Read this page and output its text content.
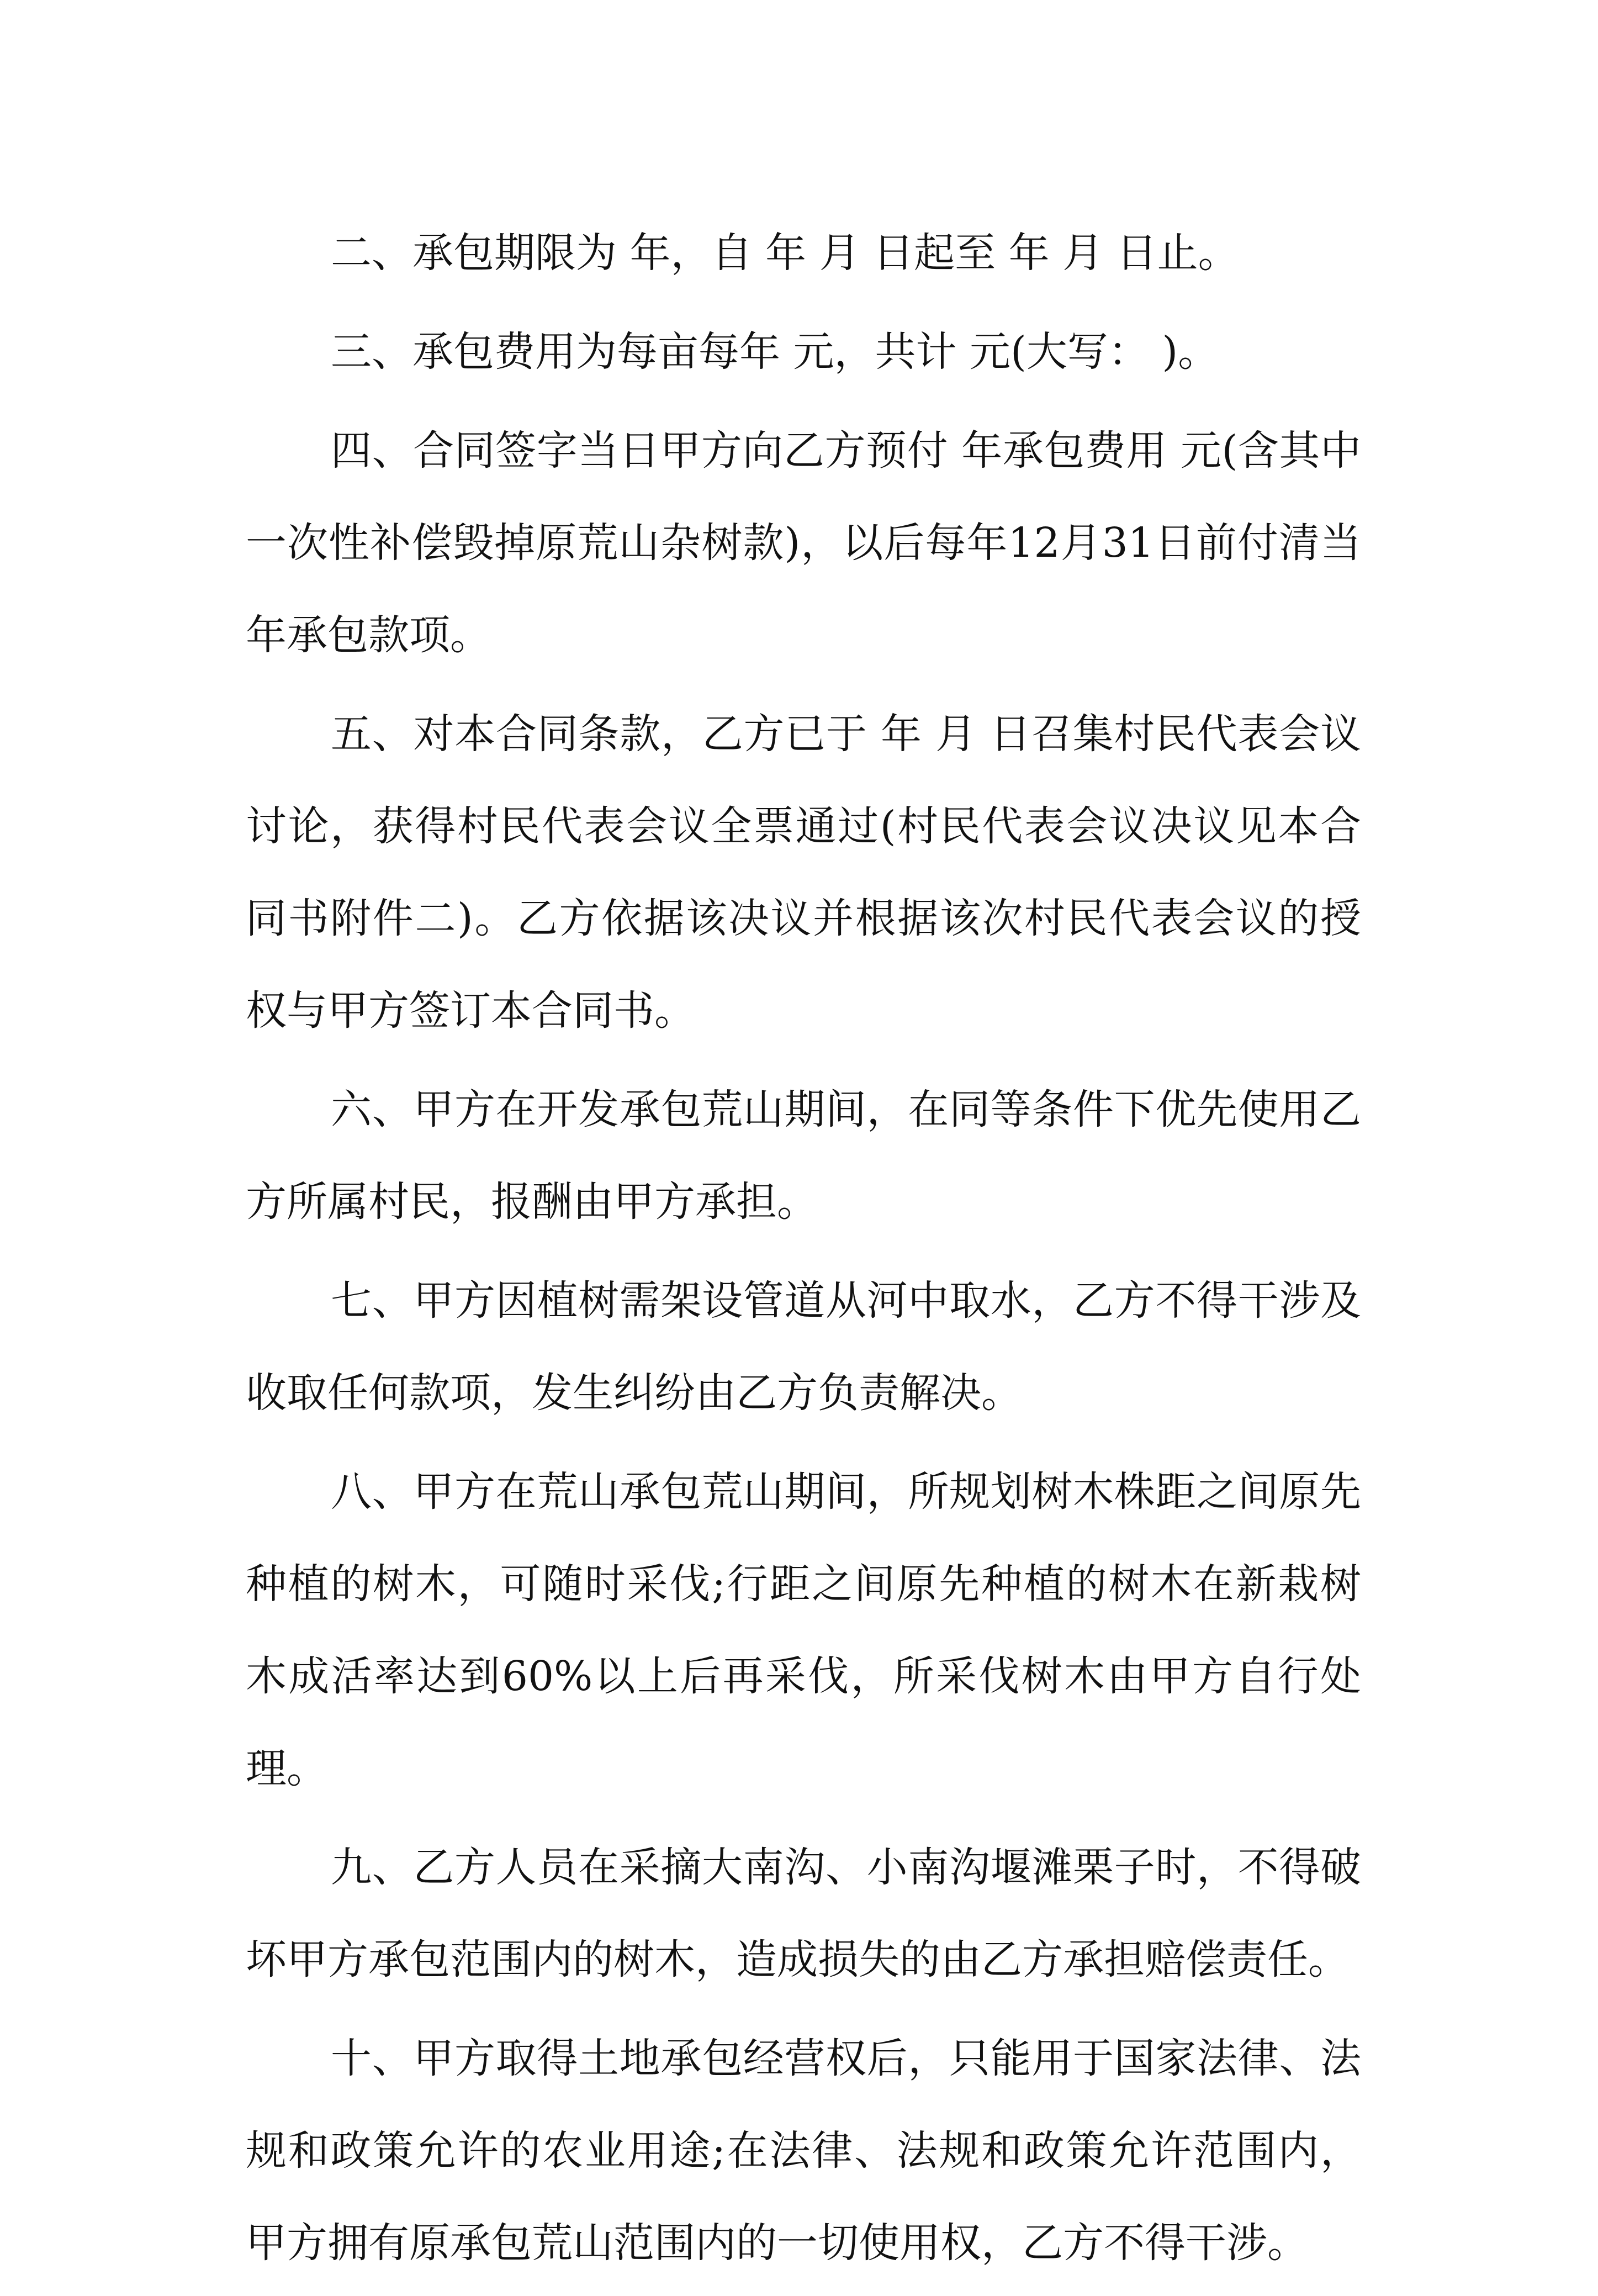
二、承包期限为 年，自 年 月 日起至 年 月 日止。

三、承包费用为每亩每年 元，共计 元(大写： )。

四、合同签字当日甲方向乙方预付 年承包费用 元(含其中一次性补偿毁掉原荒山杂树款)，以后每年12月31日前付清当年承包款项。

五、对本合同条款，乙方已于 年 月 日召集村民代表会议讨论，获得村民代表会议全票通过(村民代表会议决议见本合同书附件二)。乙方依据该决议并根据该次村民代表会议的授权与甲方签订本合同书。

六、甲方在开发承包荒山期间，在同等条件下优先使用乙方所属村民，报酬由甲方承担。

七、甲方因植树需架设管道从河中取水，乙方不得干涉及收取任何款项，发生纠纷由乙方负责解决。

八、甲方在荒山承包荒山期间，所规划树木株距之间原先种植的树木，可随时采伐;行距之间原先种植的树木在新栽树木成活率达到60%以上后再采伐，所采伐树木由甲方自行处理。

九、乙方人员在采摘大南沟、小南沟堰滩栗子时，不得破坏甲方承包范围内的树木，造成损失的由乙方承担赔偿责任。

十、甲方取得土地承包经营权后，只能用于国家法律、法规和政策允许的农业用途;在法律、法规和政策允许范围内，甲方拥有原承包荒山范围内的一切使用权，乙方不得干涉。
